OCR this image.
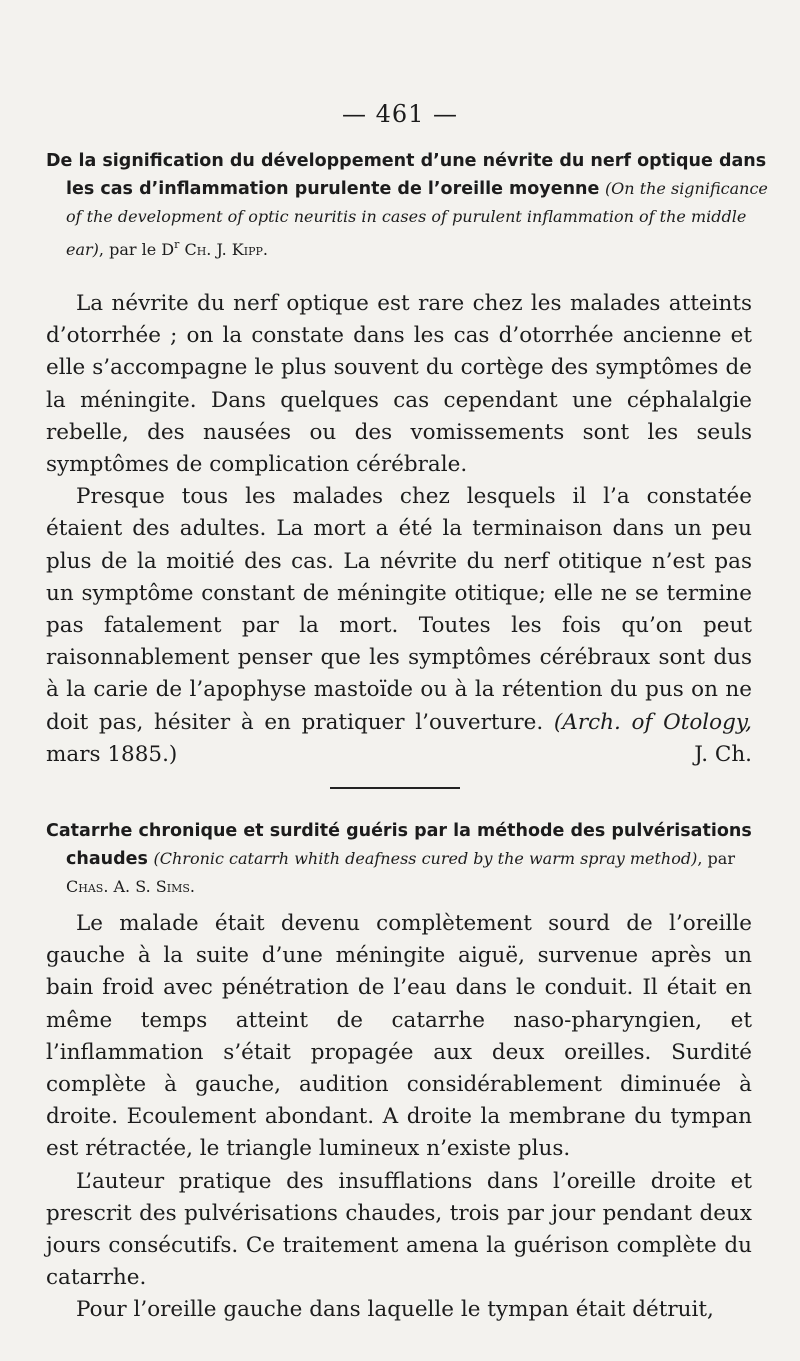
— 461 —
De la signification du développement d’une névrite du nerf optique dans les cas d’inflammation purulente de l’oreille moyenne (On the significance of the development of optic neuritis in cases of purulent inflammation of the middle ear), par le $D^r$ Ch. J. Kipp.

La névrite du nerf optique est rare chez les malades atteints d’otorrhée ; on la constate dans les cas d’otorrhée ancienne et elle s’accompagne le plus souvent du cortège des symptômes de la méningite. Dans quelques cas cependant une céphalalgie rebelle, des nausées ou des vomissements sont les seuls symptômes de complication cérébrale.

Presque tous les malades chez lesquels il l’a constatée étaient des adultes. La mort a été la terminaison dans un peu plus de la moitié des cas. La névrite du nerf otitique n’est pas un symptôme constant de méningite otitique; elle ne se termine pas fatalement par la mort. Toutes les fois qu’on peut raisonnablement penser que les symptômes cérébraux sont dus à la carie de l’apophyse mastoïde ou à la rétention du pus on ne doit pas, hésiter à en pratiquer l’ouverture. (Arch. of Otology, mars 1885.)	J. Ch.

Catarrhe chronique et surdité guéris par la méthode des pulvérisations chaudes (Chronic catarrh whith deafness cured by the warm spray method), par Chas. A. S. Sims.

Le malade était devenu complètement sourd de l’oreille gauche à la suite d’une méningite aiguë, survenue après un bain froid avec pénétration de l’eau dans le conduit. Il était en même temps atteint de catarrhe naso-pharyngien, et l’inflammation s’était propagée aux deux oreilles. Surdité complète à gauche, audition considérablement diminuée à droite. Ecoulement abondant. A droite la membrane du tympan est rétractée, le triangle lumineux n’existe plus.

L’auteur pratique des insufflations dans l’oreille droite et prescrit des pulvérisations chaudes, trois par jour pendant deux jours consécutifs. Ce traitement amena la guérison complète du catarrhe.

Pour l’oreille gauche dans laquelle le tympan était détruit,
